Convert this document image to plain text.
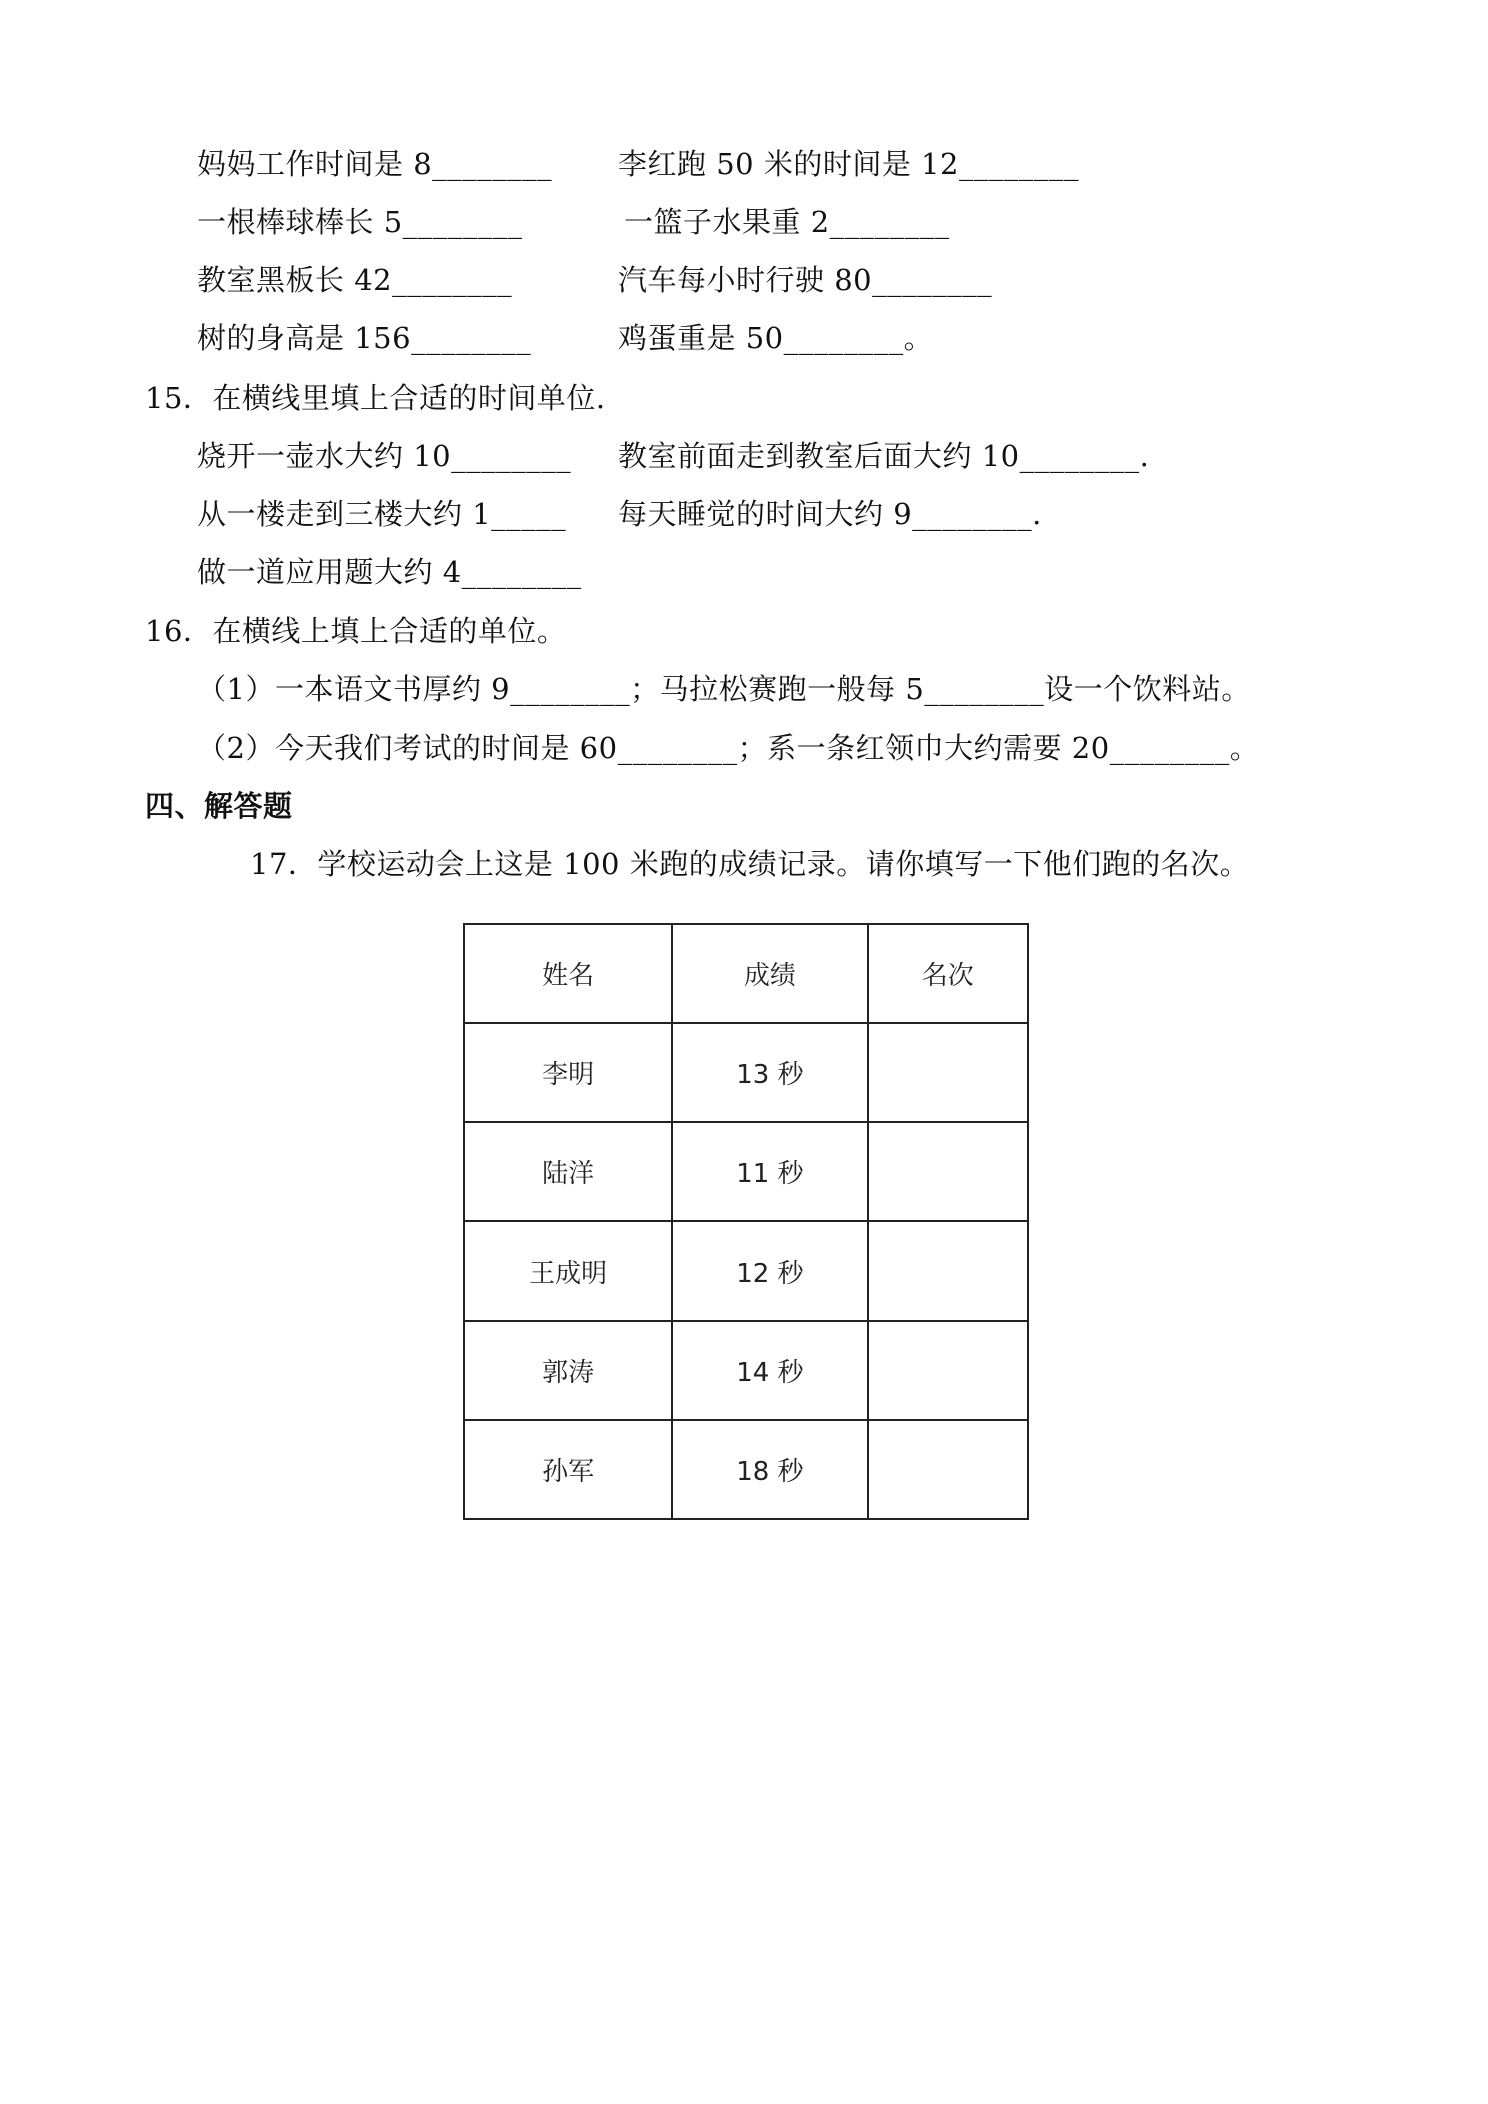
妈妈工作时间是 8________ 李红跑 50 米的时间是 12________
一根棒球棒长 5________	一篮子水果重 2________
教室黑板长 42________	汽车每小时行驶 80________
树的身高是 156________	鸡蛋重是 50________。
15．在横线里填上合适的时间单位.
烧开一壶水大约 10________ 教室前面走到教室后面大约 10________.
从一楼走到三楼大约 1_____ 每天睡觉的时间大约 9________.
做一道应用题大约 4________
16．在横线上填上合适的单位。
（1）一本语文书厚约 9________；马拉松赛跑一般每 5________设一个饮料站。
（2）今天我们考试的时间是 60________；系一条红领巾大约需要 20________。
四、解答题
17．学校运动会上这是 100 米跑的成绩记录。请你填写一下他们跑的名次。
姓名	成绩	名次
李明	13 秒	
陆洋	11 秒	
王成明	12 秒	
郭涛	14 秒	
孙军	18 秒	
